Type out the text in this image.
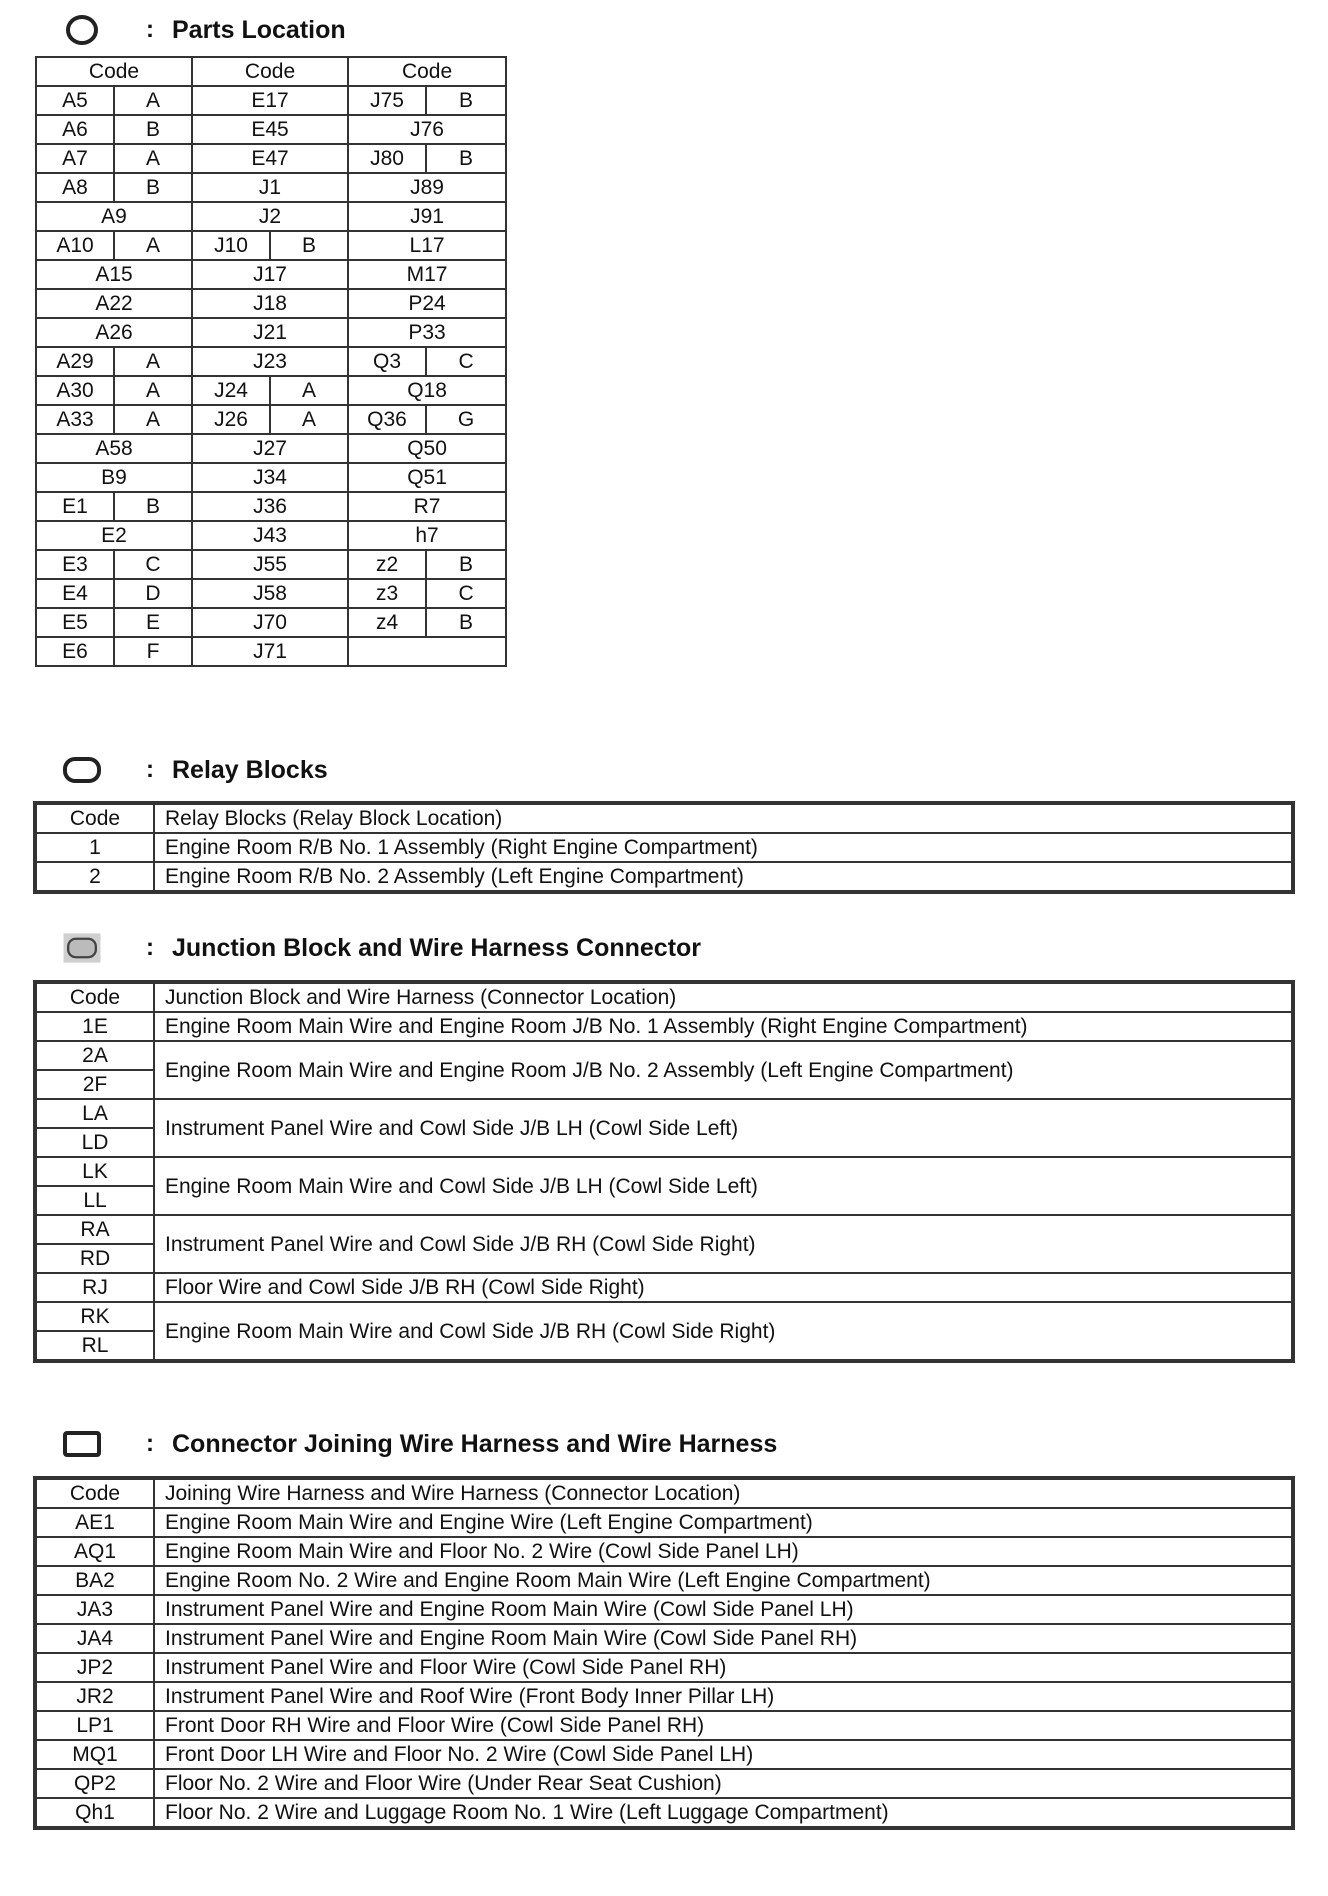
: Parts Location
Code		Code		Code	
A5	A	E17		J75	B
A6	B	E45		J76	
A7	A	E47		J80	B
A8	B	J1		J89	
A9		J2		J91	
A10	A	J10	B	L17	
A15		J17		M17	
A22		J18		P24	
A26		J21		P33	
A29	A	J23		Q3	C
A30	A	J24	A	Q18	
A33	A	J26	A	Q36	G
A58		J27		Q50	
B9		J34		Q51	
E1	B	J36		R7	
E2		J43		h7	
E3	C	J55		z2	B
E4	D	J58		z3	C
E5	E	J70		z4	B
E6	F	J71			
: Relay Blocks
Code	Relay Blocks (Relay Block Location)
1	Engine Room R/B No. 1 Assembly (Right Engine Compartment)
2	Engine Room R/B No. 2 Assembly (Left Engine Compartment)
: Junction Block and Wire Harness Connector
Code	Junction Block and Wire Harness (Connector Location)
1E	Engine Room Main Wire and Engine Room J/B No. 1 Assembly (Right Engine Compartment)
2A	Engine Room Main Wire and Engine Room J/B No. 2 Assembly (Left Engine Compartment)
2F	
LA	Instrument Panel Wire and Cowl Side J/B LH (Cowl Side Left)
LD	
LK	Engine Room Main Wire and Cowl Side J/B LH (Cowl Side Left)
LL	
RA	Instrument Panel Wire and Cowl Side J/B RH (Cowl Side Right)
RD	
RJ	Floor Wire and Cowl Side J/B RH (Cowl Side Right)
RK	Engine Room Main Wire and Cowl Side J/B RH (Cowl Side Right)
RL	
: Connector Joining Wire Harness and Wire Harness
Code	Joining Wire Harness and Wire Harness (Connector Location)
AE1	Engine Room Main Wire and Engine Wire (Left Engine Compartment)
AQ1	Engine Room Main Wire and Floor No. 2 Wire (Cowl Side Panel LH)
BA2	Engine Room No. 2 Wire and Engine Room Main Wire (Left Engine Compartment)
JA3	Instrument Panel Wire and Engine Room Main Wire (Cowl Side Panel LH)
JA4	Instrument Panel Wire and Engine Room Main Wire (Cowl Side Panel RH)
JP2	Instrument Panel Wire and Floor Wire (Cowl Side Panel RH)
JR2	Instrument Panel Wire and Roof Wire (Front Body Inner Pillar LH)
LP1	Front Door RH Wire and Floor Wire (Cowl Side Panel RH)
MQ1	Front Door LH Wire and Floor No. 2 Wire (Cowl Side Panel LH)
QP2	Floor No. 2 Wire and Floor Wire (Under Rear Seat Cushion)
Qh1	Floor No. 2 Wire and Luggage Room No. 1 Wire (Left Luggage Compartment)
